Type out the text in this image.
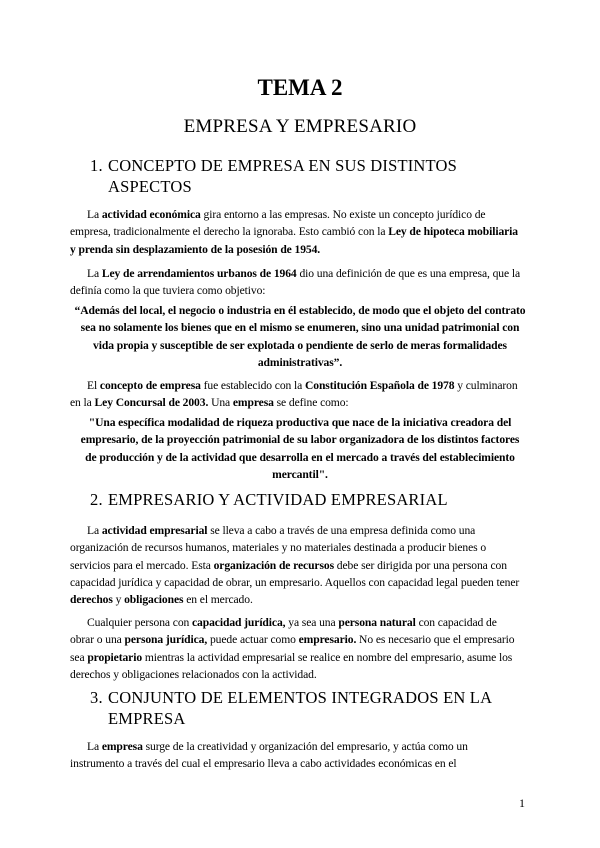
TEMA 2
EMPRESA Y EMPRESARIO
1. CONCEPTO DE EMPRESA EN SUS DISTINTOS
ASPECTOS

La actividad económica gira entorno a las empresas. No existe un concepto jurídico de empresa, tradicionalmente el derecho la ignoraba. Esto cambió con la Ley de hipoteca mobiliaria y prenda sin desplazamiento de la posesión de 1954.

La Ley de arrendamientos urbanos de 1964 dio una definición de que es una empresa, que la definía como la que tuviera como objetivo:

“Además del local, el negocio o industria en él establecido, de modo que el objeto del contrato sea no solamente los bienes que en el mismo se enumeren, sino una unidad patrimonial con vida propia y susceptible de ser explotada o pendiente de serlo de meras formalidades administrativas”.

El concepto de empresa fue establecido con la Constitución Española de 1978 y culminaron en la Ley Concursal de 2003. Una empresa se define como:

"Una específica modalidad de riqueza productiva que nace de la iniciativa creadora del empresario, de la proyección patrimonial de su labor organizadora de los distintos factores de producción y de la actividad que desarrolla en el mercado a través del establecimiento mercantil".

2. EMPRESARIO Y ACTIVIDAD EMPRESARIAL

La actividad empresarial se lleva a cabo a través de una empresa definida como una organización de recursos humanos, materiales y no materiales destinada a producir bienes o servicios para el mercado. Esta organización de recursos debe ser dirigida por una persona con capacidad jurídica y capacidad de obrar, un empresario. Aquellos con capacidad legal pueden tener derechos y obligaciones en el mercado.

Cualquier persona con capacidad jurídica, ya sea una persona natural con capacidad de obrar o una persona jurídica, puede actuar como empresario. No es necesario que el empresario sea propietario mientras la actividad empresarial se realice en nombre del empresario, asume los derechos y obligaciones relacionados con la actividad.

3. CONJUNTO DE ELEMENTOS INTEGRADOS EN LA
EMPRESA

La empresa surge de la creatividad y organización del empresario, y actúa como un instrumento a través del cual el empresario lleva a cabo actividades económicas en el

1
